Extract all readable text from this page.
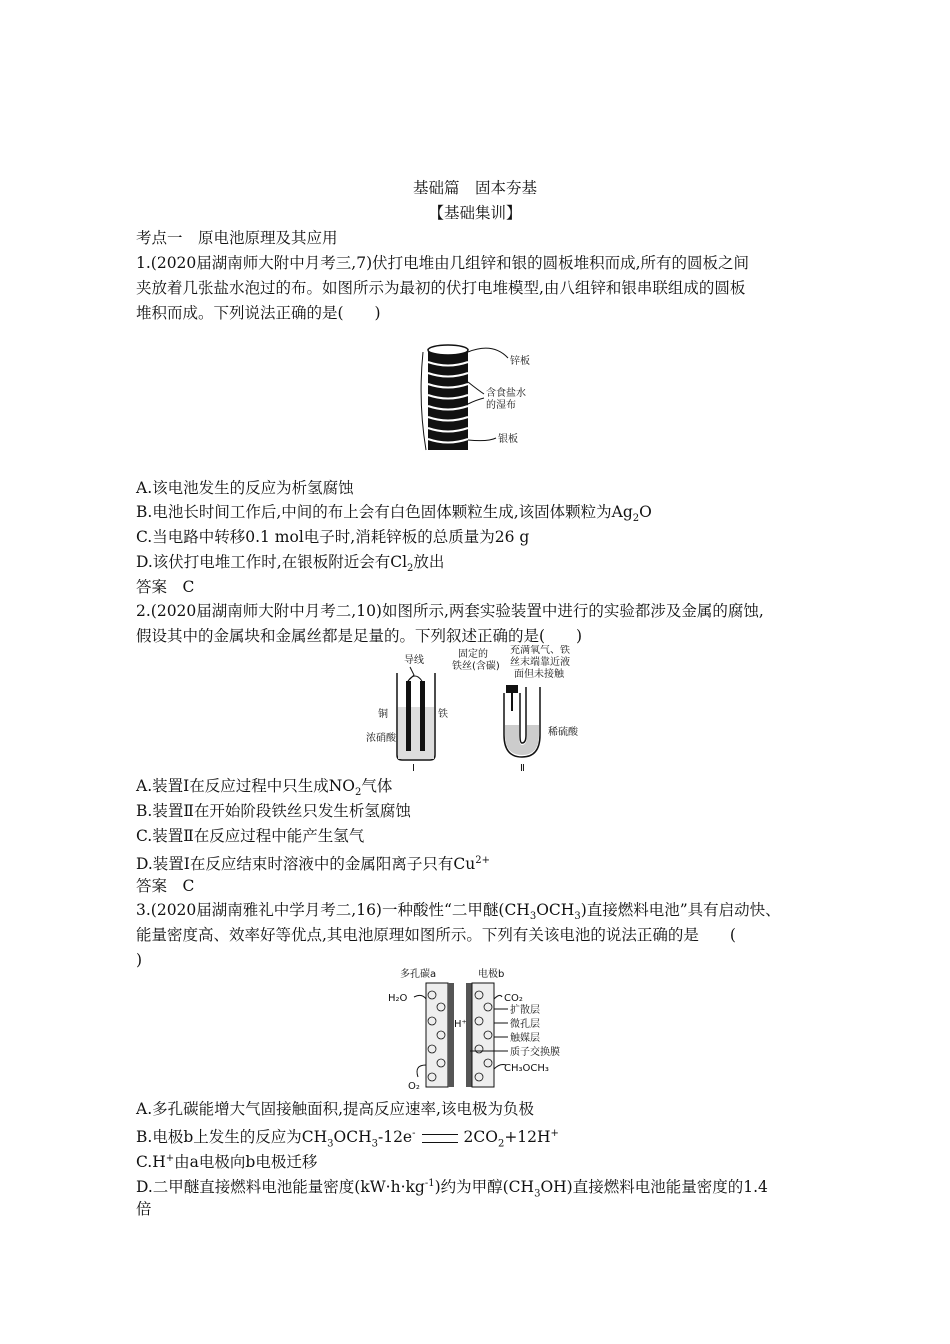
基础篇　固本夯基
【基础集训】
考点一　原电池原理及其应用
1.(2020届湖南师大附中月考三,7)伏打电堆由几组锌和银的圆板堆积而成,所有的圆板之间
夹放着几张盐水泡过的布。如图所示为最初的伏打电堆模型,由八组锌和银串联组成的圆板
堆积而成。下列说法正确的是(　　)
锌板
含食盐水
的湿布
银板
A.该电池发生的反应为析氢腐蚀
B.电池长时间工作后,中间的布上会有白色固体颗粒生成,该固体颗粒为$Ag_2O$
C.当电路中转移0.1 mol电子时,消耗锌板的总质量为26 g
D.该伏打电堆工作时,在银板附近会有$Cl_2$放出
答案　C
2.(2020届湖南师大附中月考二,10)如图所示,两套实验装置中进行的实验都涉及金属的腐蚀,
假设其中的金属块和金属丝都是足量的。下列叙述正确的是(　　)
导线
铜	铁
浓硝酸
Ⅰ
固定的
铁丝(含碳)
充满氧气、铁
丝末端靠近液
面但未接触
稀硫酸
Ⅱ
A.装置Ⅰ在反应过程中只生成$NO_2$气体
B.装置Ⅱ在开始阶段铁丝只发生析氢腐蚀
C.装置Ⅱ在反应过程中能产生氢气
D.装置Ⅰ在反应结束时溶液中的金属阳离子只有$Cu^{2+}$
答案　C
3.(2020届湖南雅礼中学月考二,16)一种酸性“二甲醚$(CH_3OCH_3)$直接燃料电池”具有启动快、
能量密度高、效率好等优点,其电池原理如图所示。下列有关该电池的说法正确的是　　(
)
多孔碳a	电极b
H₂O	CO₂
H⁺
O₂
扩散层
微孔层
触媒层
质子交换膜
CH₃OCH₃
A.多孔碳能增大气固接触面积,提高反应速率,该电极为负极
B.电极b上发生的反应为$CH_3OCH_3-12e^-$	$2CO_2+12H^+$
C.H+由a电极向b电极迁移
D.二甲醚直接燃料电池能量密度$(kW\cdot h\cdot kg^{-1})$约为甲醇$(CH_3OH)$直接燃料电池能量密度的1.4
倍
